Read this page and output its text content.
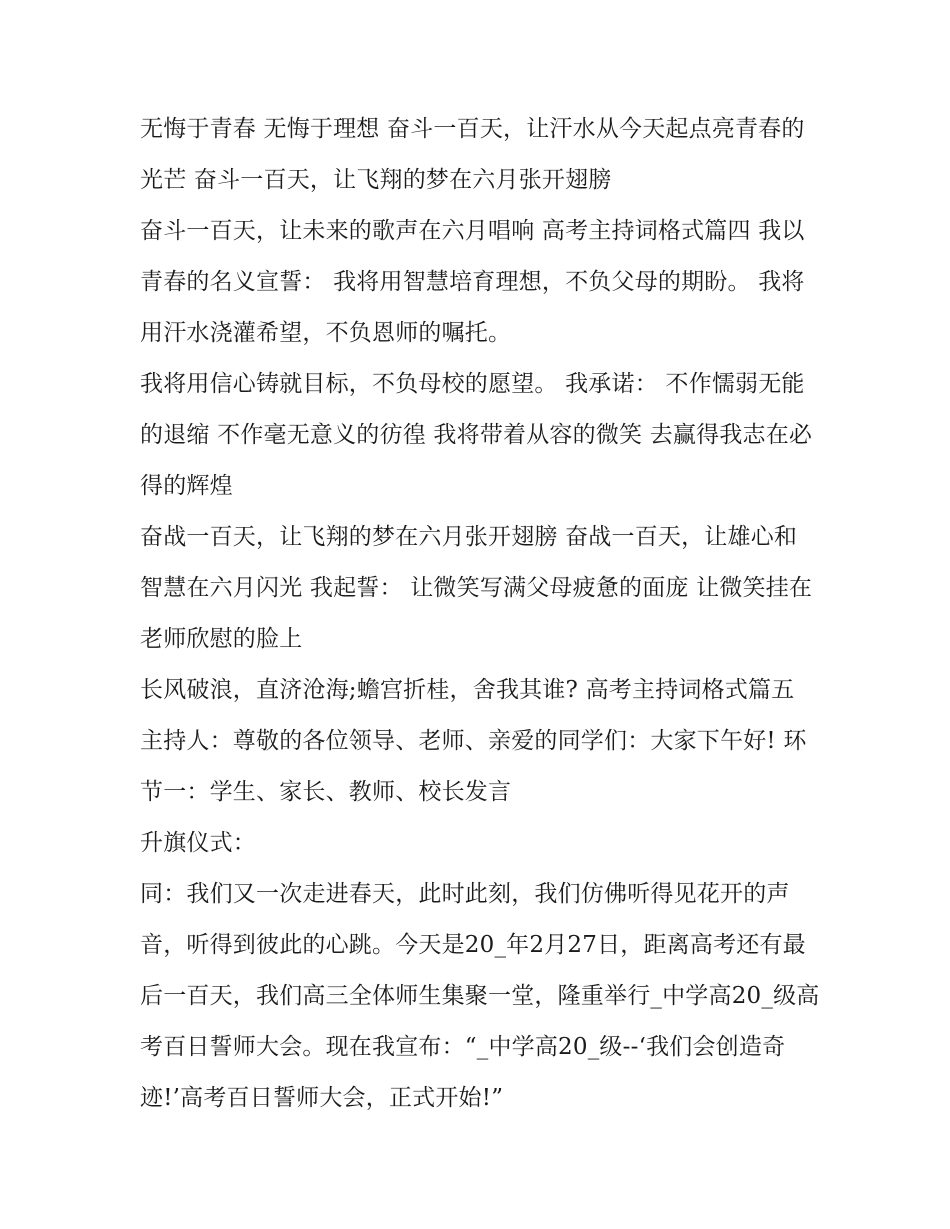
无悔于青春 无悔于理想 奋斗一百天，让汗水从今天起点亮青春的光芒 奋斗一百天，让飞翔的梦在六月张开翅膀

奋斗一百天，让未来的歌声在六月唱响 高考主持词格式篇四 我以青春的名义宣誓： 我将用智慧培育理想，不负父母的期盼。 我将用汗水浇灌希望，不负恩师的嘱托。

我将用信心铸就目标，不负母校的愿望。 我承诺： 不作懦弱无能的退缩 不作毫无意义的彷徨 我将带着从容的微笑 去赢得我志在必得的辉煌

奋战一百天，让飞翔的梦在六月张开翅膀 奋战一百天，让雄心和智慧在六月闪光 我起誓： 让微笑写满父母疲惫的面庞 让微笑挂在老师欣慰的脸上

长风破浪，直济沧海;蟾宫折桂，舍我其谁? 高考主持词格式篇五 主持人：尊敬的各位领导、老师、亲爱的同学们：大家下午好! 环节一：学生、家长、教师、校长发言

升旗仪式：

同：我们又一次走进春天，此时此刻，我们仿佛听得见花开的声音，听得到彼此的心跳。今天是20_年2月27日，距离高考还有最后一百天，我们高三全体师生集聚一堂，隆重举行_中学高20_级高考百日誓师大会。现在我宣布：“_中学高20_级--‘我们会创造奇迹!’高考百日誓师大会，正式开始!”
